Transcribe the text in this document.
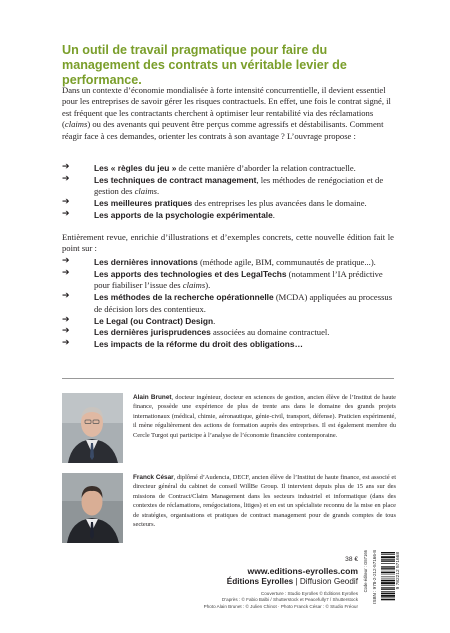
Un outil de travail pragmatique pour faire du management des contrats un véritable levier de performance.
Dans un contexte d’économie mondialisée à forte intensité concurrentielle, il devient essentiel pour les entreprises de savoir gérer les risques contractuels. En effet, une fois le contrat signé, il est fréquent que les contractants cherchent à optimiser leur rentabilité via des réclamations (claims) ou des avenants qui peuvent être perçus comme agressifs et déstabilisants. Comment réagir face à ces demandes, orienter les contrats à son avantage ? L’ouvrage propose :
➔	Les « règles du jeu » de cette manière d’aborder la relation contractuelle.
➔	Les techniques de contract management, les méthodes de renégociation et de gestion des claims.
➔	Les meilleures pratiques des entreprises les plus avancées dans le domaine.
➔	Les apports de la psychologie expérimentale.
Entièrement revue, enrichie d’illustrations et d’exemples concrets, cette nouvelle édition fait le point sur :
➔	Les dernières innovations (méthode agile, BIM, communautés de pratique...).
➔	Les apports des technologies et des LegalTechs (notamment l’IA prédictive pour fiabiliser l’issue des claims).
➔	Les méthodes de la recherche opérationnelle (MCDA) appliquées au processus de décision lors des contentieux.
➔	Le Legal (ou Contract) Design.
➔	Les dernières jurisprudences associées au domaine contractuel.
➔	Les impacts de la réforme du droit des obligations…
Alain Brunet, docteur ingénieur, docteur en sciences de gestion, ancien élève de l’Institut de haute finance, possède une expérience de plus de trente ans dans le domaine des grands projets internationaux (médical, chimie, aéronautique, génie-civil, transport, défense). Praticien expérimenté, il mène régulièrement des actions de formation auprès des entreprises. Il est également membre du Cercle Turgot qui participe à l’analyse de l’économie financière contemporaine.
Franck César, diplômé d’Audencia, DECF, ancien élève de l’Institut de haute finance, est associé et directeur général du cabinet de conseil WillBe Group. Il intervient depuis plus de 15 ans sur des missions de Contract/Claim Management dans les secteurs industriel et informatique (dans des contextes de réclamations, renégociations, litiges) et en est un spécialiste reconnu de la mise en place de stratégies, organisations et pratiques de contract management pour de grands comptes de tous secteurs.
38 €
www.editions-eyrolles.com
Éditions Eyrolles | Diffusion Geodif
Couverture : Studio Eyrolles © Éditions Eyrolles
D’après : © Fabio Balbi / Shutterstock et Peacefully7 / Shutterstock
Photo Alain Brunet : © Julien Chinot · Photo Franck César : © Studio Fréour
Code éditeur : G57166 ISBN : 978-2-212-57166-8	9 782212 571668
